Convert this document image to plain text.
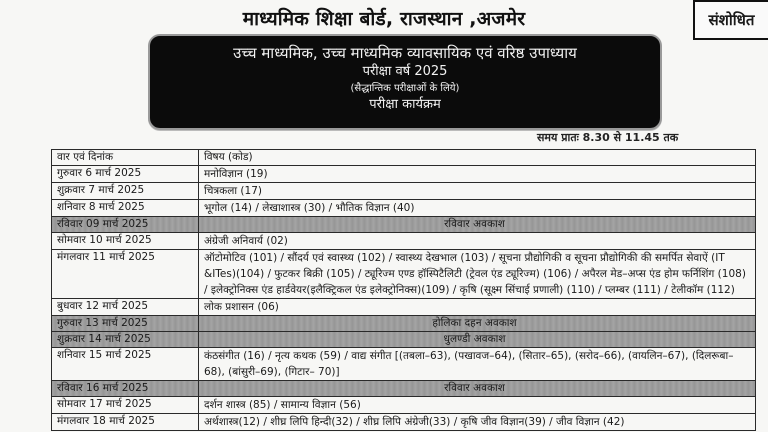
माध्यमिक शिक्षा बोर्ड, राजस्थान ,अजमेर	संशोधित
उच्च माध्यमिक, उच्च माध्यमिक व्यावसायिक एवं वरिष्ठ उपाध्याय
परीक्षा वर्ष 2025
(सैद्धान्तिक परीक्षाओं के लिये)
परीक्षा कार्यक्रम
समय प्रातः 8.30 से 11.45 तक
वार एवं दिनांक	विषय (कोड)
गुरुवार 6 मार्च 2025	मनोविज्ञान (19)
शुक्रवार 7 मार्च 2025	चित्रकला (17)
शनिवार 8 मार्च 2025	भूगोल (14) / लेखाशास्त्र (30) / भौतिक विज्ञान (40)
रविवार 09 मार्च 2025	रविवार अवकाश
सोमवार 10 मार्च 2025	अंग्रेजी अनिवार्य (02)
मंगलवार 11 मार्च 2025	ऑटोमोटिव (101) / सौंदर्य एवं स्वास्थ्य (102) / स्वास्थ्य देखभाल (103) / सूचना प्रौद्योगिकी व सूचना प्रौद्योगिकी की समर्पित सेवाऐं (IT &ITes)(104) / फुटकर बिक्री (105) / ट्यूरिज्म एण्ड हॉस्पिटैलिटी (ट्रेवल एंड ट्यूरिज्म) (106) / अपैरल मेड–अप्स एंड होम फर्निशिंग (108) / इलेक्ट्रोनिक्स एंड हार्डवेयर(इलैक्ट्रिकल एंड इलेक्ट्रोनिक्स)(109) / कृषि (सूक्ष्म सिंचाई प्रणाली) (110) / प्लम्बर (111) / टेलीकॉम (112)
बुधवार 12 मार्च 2025	लोक प्रशासन (06)
गुरुवार 13 मार्च 2025	होलिका दहन अवकाश
शुक्रवार 14 मार्च 2025	धुलण्डी अवकाश
शनिवार 15 मार्च 2025	कंठसंगीत (16) / नृत्य कथक (59) / वाद्य संगीत [(तबला–63), (पखावज–64), (सितार–65), (सरोद–66), (वायलिन–67), (दिलरूबा–68), (बांसुरी–69), (गिटार– 70)]
रविवार 16 मार्च 2025	रविवार अवकाश
सोमवार 17 मार्च 2025	दर्शन शास्त्र (85) / सामान्य विज्ञान (56)
मंगलवार 18 मार्च 2025	अर्थशास्त्र(12) / शीघ्र लिपि हिन्दी(32) / शीघ्र लिपि अंग्रेजी(33) / कृषि जीव विज्ञान(39) / जीव विज्ञान (42)
